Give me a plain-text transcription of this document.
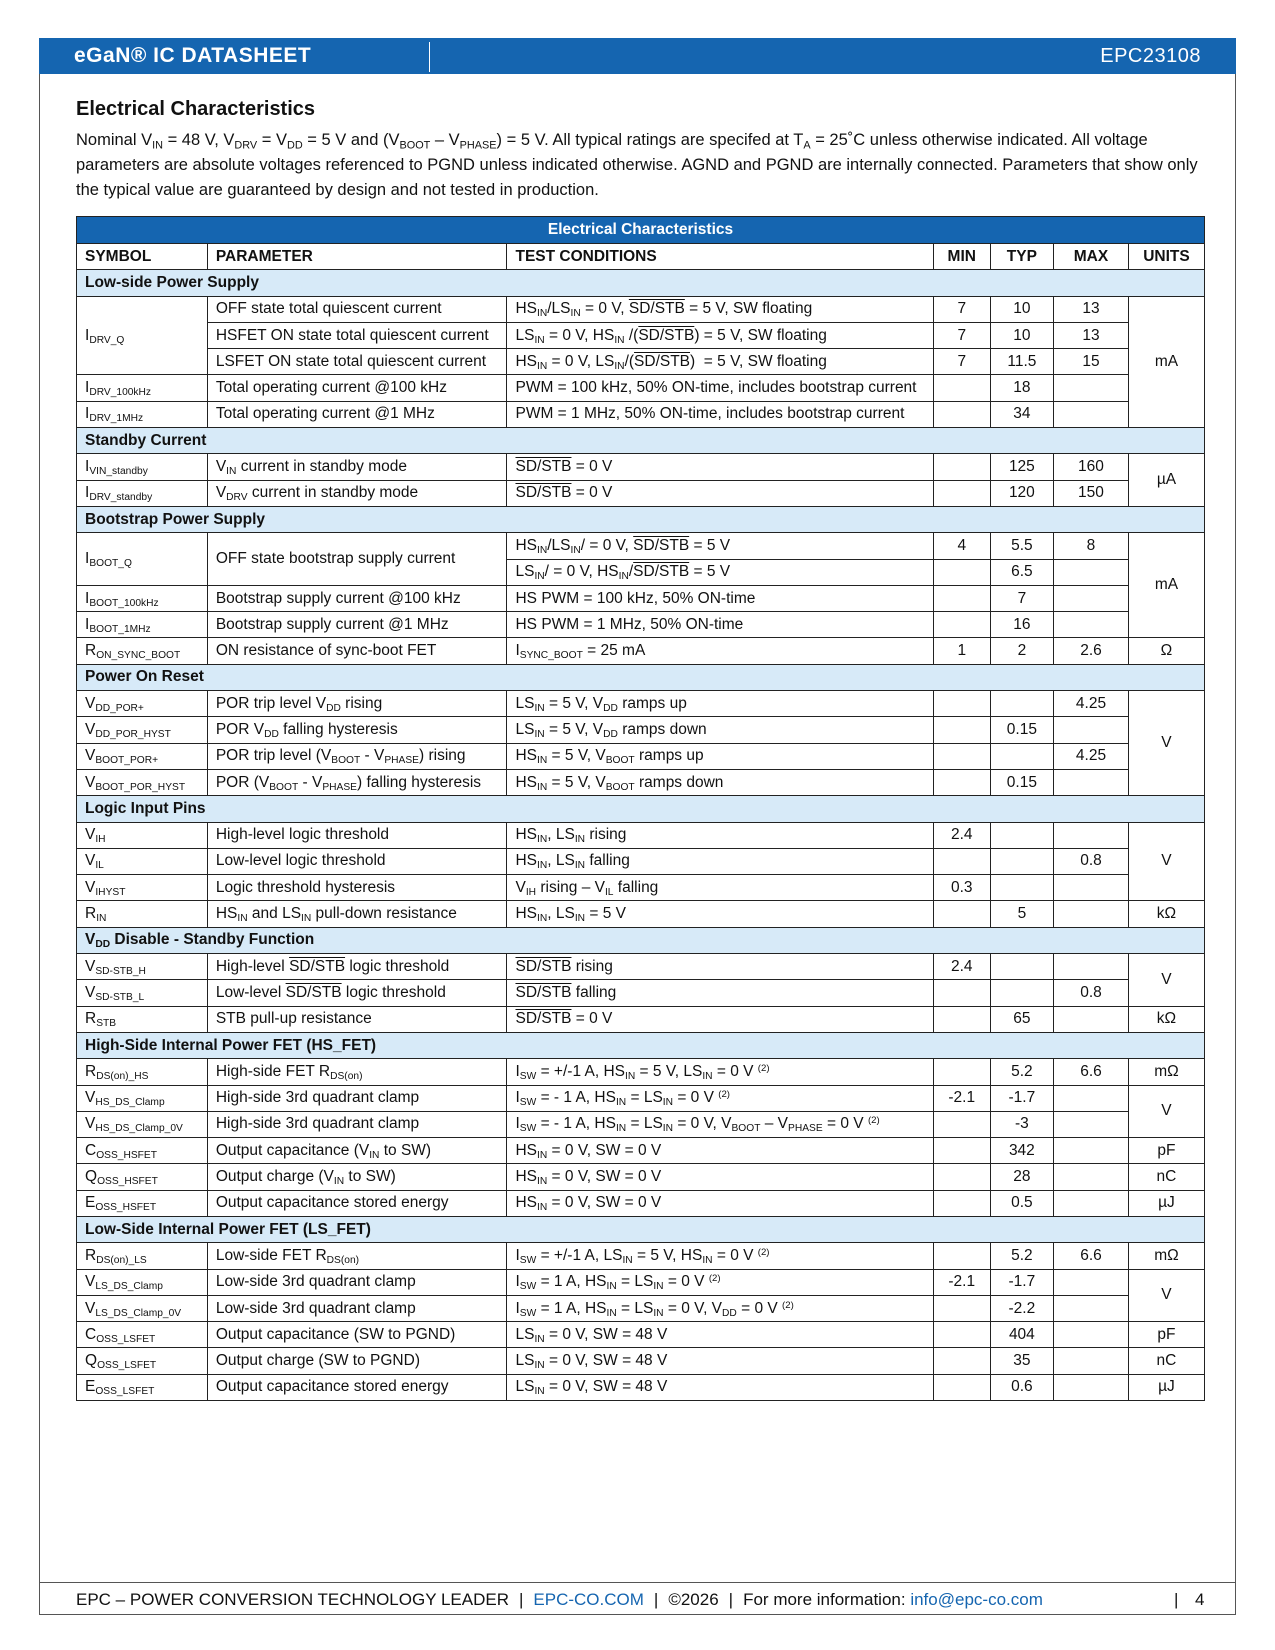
eGaN® IC DATASHEET	EPC23108
Electrical Characteristics

Nominal $V_{IN} = 48$ V, $V_{DRV} = V_{DD} = 5$ V and $(V_{BOOT} - V_{PHASE}) = 5$ V. All typical ratings are specifed at $T_A$ = 25˚C unless otherwise indicated. All voltage parameters are absolute voltages referenced to PGND unless indicated otherwise. AGND and PGND are internally connected. Parameters that show only the typical value are guaranteed by design and not tested in production.

Electrical Characteristics						
SYMBOL	PARAMETER	TEST CONDITIONS	MIN	TYP	MAX	UNITS
Low-side Power Supply						
$I_{DRV\_Q}$	OFF state total quiescent current	$HS_{IN}/LS_{IN} = 0$ V, SD/STB = 5 V, SW floating	7	10	13	mA
	HSFET ON state total quiescent current	$LS_{IN} = 0$ V, $HS_{IN}$ /(SD/STB) = 5 V, SW floating	7	10	13	
	LSFET ON state total quiescent current	$HS_{IN} = 0$ V, $LS_{IN}/(SD/STB) = 5$ V, SW floating	7	11.5	15	
$I_{DRV\_100kHz}$	Total operating current @100 kHz	PWM = 100 kHz, 50% ON-time, includes bootstrap current		18		
$I_{DRV\_1MHz}$	Total operating current @1 MHz	PWM = 1 MHz, 50% ON-time, includes bootstrap current		34		
Standby Current						
$I_{VIN\_standby}$	$V_{IN}$ current in standby mode	SD/STB = 0 V		125	160	µA
$I_{DRV\_standby}$	$V_{DRV}$ current in standby mode	SD/STB = 0 V		120	150	
Bootstrap Power Supply						
$I_{BOOT\_Q}$	OFF state bootstrap supply current	$HS_{IN}/LS_{IN}/ = 0$ V, SD/STB = 5 V	4	5.5	8	mA
		$LS_{IN}/ = 0$ V, $HS_{IN}/SD$/STB = 5 V		6.5		
$I_{BOOT\_100kHz}$	Bootstrap supply current @100 kHz	HS PWM = 100 kHz, 50% ON-time		7		
$I_{BOOT\_1MHz}$	Bootstrap supply current @1 MHz	HS PWM = 1 MHz, 50% ON-time		16		
$R_{ON\_SYNC\_BOOT}$	ON resistance of sync-boot FET	$I_{SYNC\_BOOT} = 25$ mA	1	2	2.6	Ω
Power On Reset						
$V_{DD\_POR+}$	POR trip level $V_{DD}$ rising	$LS_{IN} = 5$ V, $V_{DD}$ ramps up			4.25	V
$V_{DD\_POR\_HYST}$	POR $V_{DD}$ falling hysteresis	$LS_{IN} = 5$ V, $V_{DD}$ ramps down		0.15		
$V_{BOOT\_POR+}$	POR trip level $(V_{BOOT} - V_{PHASE})$ rising	$HS_{IN} = 5$ V, $V_{BOOT}$ ramps up			4.25	
$V_{BOOT\_POR\_HYST}$	POR $(V_{BOOT} - V_{PHASE})$ falling hysteresis	$HS_{IN} = 5$ V, $V_{BOOT}$ ramps down		0.15		
Logic Input Pins						
$V_{IH}$	High-level logic threshold	$HS_{IN}$, $LS_{IN}$ rising	2.4			V
$V_{IL}$	Low-level logic threshold	$HS_{IN}$, $LS_{IN}$ falling			0.8	
$V_{IHYST}$	Logic threshold hysteresis	$V_{IH}$ rising – $V_{IL}$ falling	0.3			
$R_{IN}$	$HS_{IN}$ and $LS_{IN}$ pull-down resistance	$HS_{IN}$, $LS_{IN} = 5$ V		5		kΩ
$V_{DD}$ Disable - Standby Function						
$V_{SD-STB\_H}$	High-level SD/STB logic threshold	SD/STB rising	2.4			V
$V_{SD-STB\_L}$	Low-level SD/STB logic threshold	SD/STB falling			0.8	
$R_{STB}$	STB pull-up resistance	SD/STB = 0 V		65		kΩ
High-Side Internal Power FET (HS_FET)						
$R_{DS(on)\_HS}$	High-side FET $R_{DS(on)}$	$I_{SW} = +/-1$ A, $HS_{IN} = 5$ V, $LS_{IN} = 0$ V $^{(2)}$		5.2	6.6	mΩ
$V_{HS\_DS\_Clamp}$	High-side 3rd quadrant clamp	$I_{SW}$ = - 1 A, $HS_{IN} = LS_{IN} = 0$ V $^{(2)}$	-2.1	-1.7		V
$V_{HS\_DS\_Clamp\_0V}$	High-side 3rd quadrant clamp	$I_{SW}$ = - 1 A, $HS_{IN} = LS_{IN} = 0$ V, $V_{BOOT} - V_{PHASE} = 0$ V $^{(2)}$		-3		
$C_{OSS\_HSFET}$	Output capacitance ($V_{IN}$ to SW)	$HS_{IN} = 0$ V, SW = 0 V		342		pF
$Q_{OSS\_HSFET}$	Output charge ($V_{IN}$ to SW)	$HS_{IN} = 0$ V, SW = 0 V		28		nC
$E_{OSS\_HSFET}$	Output capacitance stored energy	$HS_{IN} = 0$ V, SW = 0 V		0.5		µJ
Low-Side Internal Power FET (LS_FET)						
$R_{DS(on)\_LS}$	Low-side FET $R_{DS(on)}$	$I_{SW} = +/-1$ A, $LS_{IN} = 5$ V, $HS_{IN} = 0$ V $^{(2)}$		5.2	6.6	mΩ
$V_{LS\_DS\_Clamp}$	Low-side 3rd quadrant clamp	$I_{SW} = 1$ A, $HS_{IN} = LS_{IN} = 0$ V $^{(2)}$	-2.1	-1.7		V
$V_{LS\_DS\_Clamp\_0V}$	Low-side 3rd quadrant clamp	$I_{SW} = 1$ A, $HS_{IN} = LS_{IN} = 0$ V, $V_{DD} = 0$ V $^{(2)}$		-2.2		
$C_{OSS\_LSFET}$	Output capacitance (SW to PGND)	$LS_{IN} = 0$ V, SW = 48 V		404		pF
$Q_{OSS\_LSFET}$	Output charge (SW to PGND)	$LS_{IN} = 0$ V, SW = 48 V		35		nC
$E_{OSS\_LSFET}$	Output capacitance stored energy	$LS_{IN} = 0$ V, SW = 48 V		0.6		µJ
EPC – POWER CONVERSION TECHNOLOGY LEADER | EPC-CO.COM | ©2026 | For more information: info@epc-co.com	| 4
